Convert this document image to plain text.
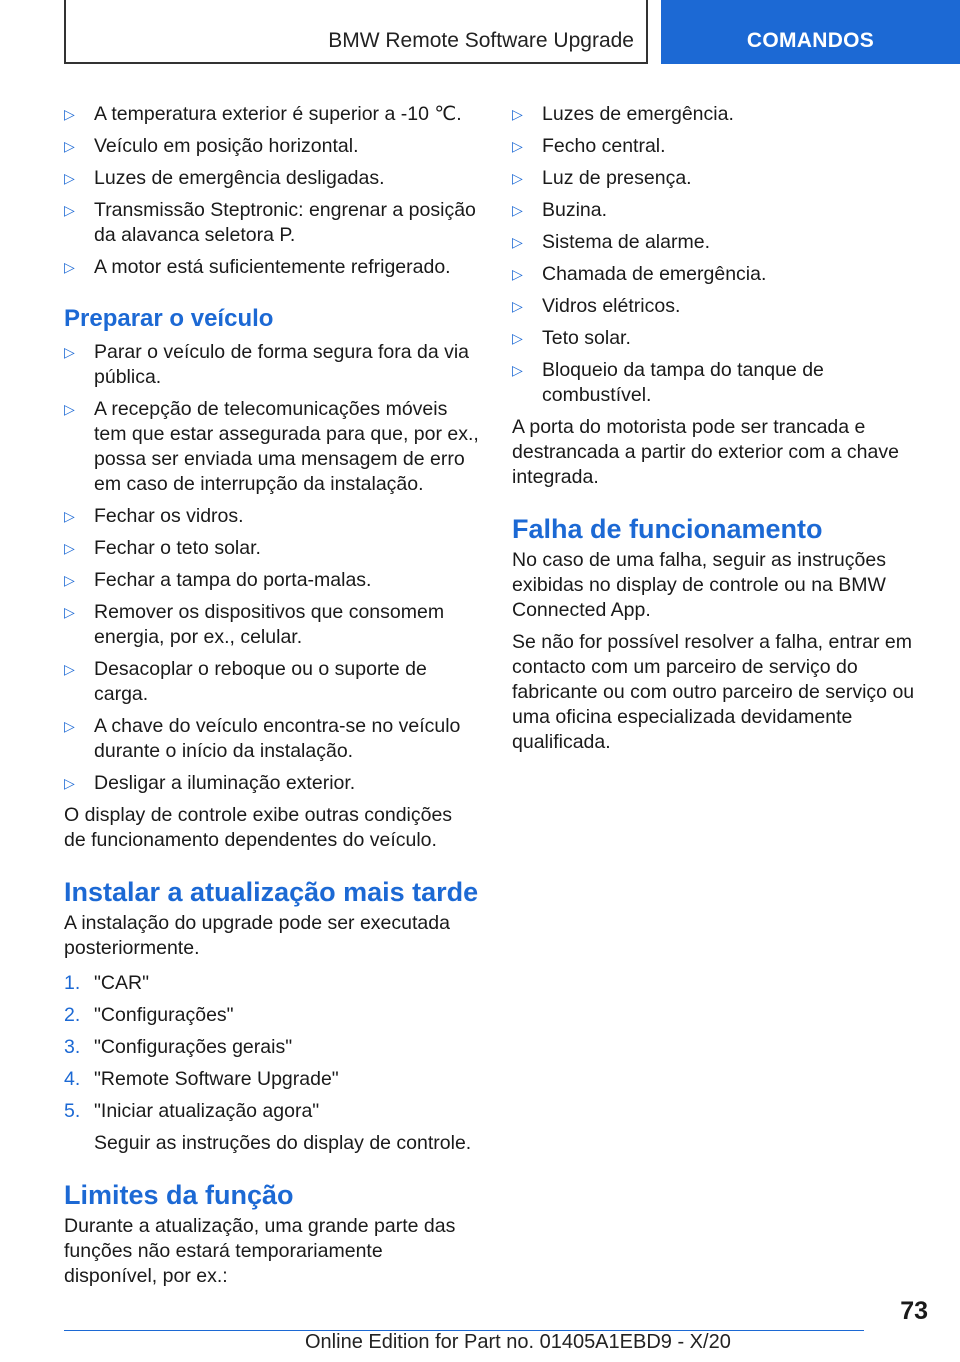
BMW Remote Software Upgrade	COMANDOS
▷ A temperatura exterior é superior a -10 ℃.
▷ Veículo em posição horizontal.
▷ Luzes de emergência desligadas.
▷ Transmissão Steptronic: engrenar a posição da alavanca seletora P.
▷ A motor está suficientemente refrigerado.
Preparar o veículo
▷ Parar o veículo de forma segura fora da via pública.
▷ A recepção de telecomunicações móveis tem que estar assegurada para que, por ex., possa ser enviada uma mensagem de erro em caso de interrupção da instalação.
▷ Fechar os vidros.
▷ Fechar o teto solar.
▷ Fechar a tampa do porta-malas.
▷ Remover os dispositivos que consomem energia, por ex., celular.
▷ Desacoplar o reboque ou o suporte de carga.
▷ A chave do veículo encontra-se no veículo durante o início da instalação.
▷ Desligar a iluminação exterior.

O display de controle exibe outras condições de funcionamento dependentes do veículo.

Instalar a atualização mais tarde

A instalação do upgrade pode ser executada posteriormente.

1. "CAR"
2. "Configurações"
3. "Configurações gerais"
4. "Remote Software Upgrade"
5. "Iniciar atualização agora"

Seguir as instruções do display de controle.

Limites da função

Durante a atualização, uma grande parte das funções não estará temporariamente disponível, por ex.:

▷ Luzes de emergência.
▷ Fecho central.
▷ Luz de presença.
▷ Buzina.
▷ Sistema de alarme.
▷ Chamada de emergência.
▷ Vidros elétricos.
▷ Teto solar.
▷ Bloqueio da tampa do tanque de combustível.

A porta do motorista pode ser trancada e destrancada a partir do exterior com a chave integrada.

Falha de funcionamento

No caso de uma falha, seguir as instruções exibidas no display de controle ou na BMW Connected App.

Se não for possível resolver a falha, entrar em contacto com um parceiro de serviço do fabricante ou com outro parceiro de serviço ou uma oficina especializada devidamente qualificada.

73
Online Edition for Part no. 01405A1EBD9 - X/20
